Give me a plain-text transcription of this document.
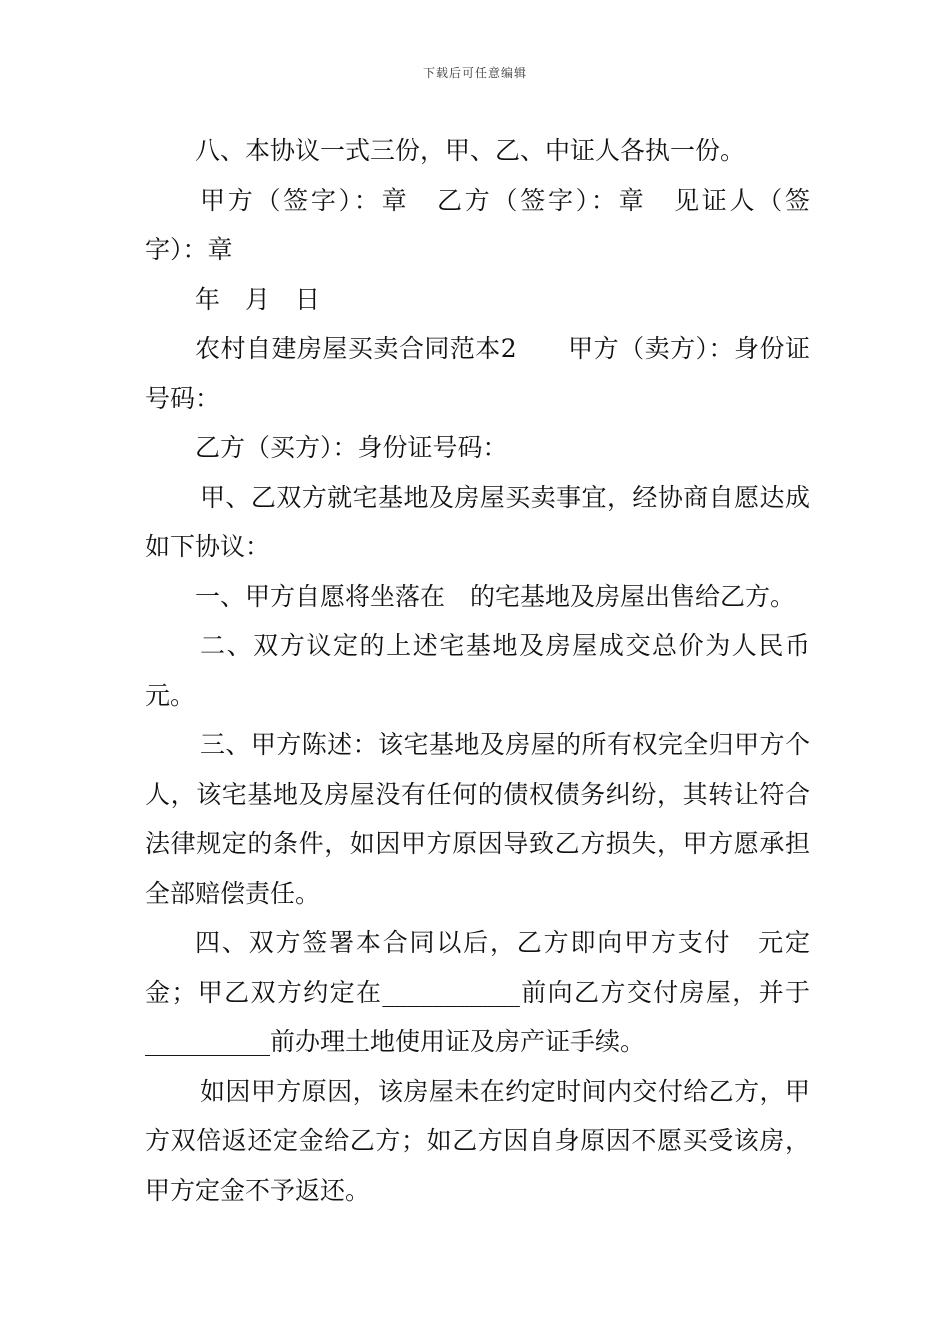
下载后可任意编辑

八、本协议一式三份，甲、乙、中证人各执一份。

甲方（签字）：章　乙方（签字）：章　见证人（签字）：章

年　月　日

农村自建房屋买卖合同范本2　　甲方（卖方）：身份证号码：

乙方（买方）：身份证号码：

甲、乙双方就宅基地及房屋买卖事宜，经协商自愿达成如下协议：

一、甲方自愿将坐落在　的宅基地及房屋出售给乙方。

二、双方议定的上述宅基地及房屋成交总价为人民币元。

三、甲方陈述：该宅基地及房屋的所有权完全归甲方个人，该宅基地及房屋没有任何的债权债务纠纷，其转让符合法律规定的条件，如因甲方原因导致乙方损失，甲方愿承担全部赔偿责任。

四、双方签署本合同以后，乙方即向甲方支付　元定金；甲乙双方约定在___________前向乙方交付房屋，并于__________前办理土地使用证及房产证手续。

如因甲方原因，该房屋未在约定时间内交付给乙方，甲方双倍返还定金给乙方；如乙方因自身原因不愿买受该房，甲方定金不予返还。
